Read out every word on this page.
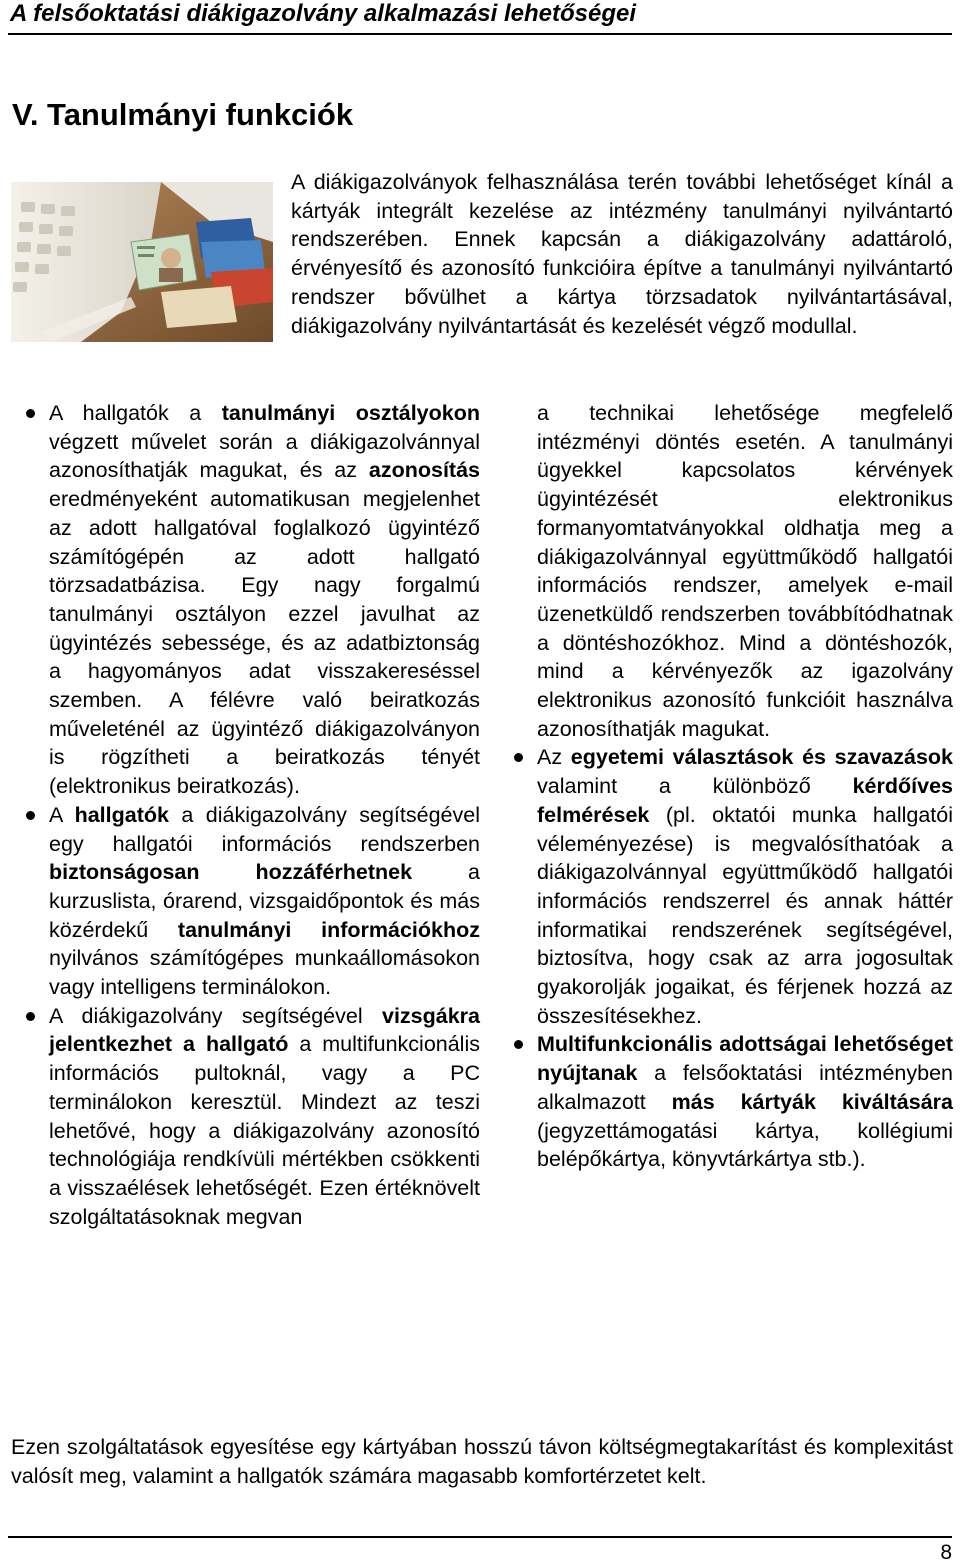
A felsőoktatási diákigazolvány alkalmazási lehetőségei
V. Tanulmányi funkciók

A diákigazolványok felhasználása terén további lehetőséget kínál a kártyák integrált kezelése az intézmény tanulmányi nyilvántartó rendszerében. Ennek kapcsán a diákigazolvány adattároló, érvényesítő és azonosító funkcióira építve a tanulmányi nyilvántartó rendszer bővülhet a kártya törzsadatok nyilvántartásával, diákigazolvány nyilvántartását és kezelését végző modullal.

A hallgatók a tanulmányi osztályokon végzett művelet során a diákigazolvánnyal azonosíthatják magukat, és az azonosítás eredményeként automatikusan megjelenhet az adott hallgatóval foglalkozó ügyintéző számítógépén az adott hallgató törzsadatbázisa. Egy nagy forgalmú tanulmányi osztályon ezzel javulhat az ügyintézés sebessége, és az adatbiztonság a hagyományos adat visszakereséssel szemben. A félévre való beiratkozás műveleténél az ügyintéző diákigazolványon is rögzítheti a beiratkozás tényét (elektronikus beiratkozás).
A hallgatók a diákigazolvány segítségével egy hallgatói információs rendszerben biztonságosan hozzáférhetnek a kurzuslista, órarend, vizsgaidőpontok és más közérdekű tanulmányi információkhoz nyilvános számítógépes munkaállomásokon vagy intelligens terminálokon.
A diákigazolvány segítségével vizsgákra jelentkezhet a hallgató a multifunkcionális információs pultoknál, vagy a PC terminálokon keresztül. Mindezt az teszi lehetővé, hogy a diákigazolvány azonosító technológiája rendkívüli mértékben csökkenti a visszaélések lehetőségét. Ezen értéknövelt szolgáltatásoknak megvan
a technikai lehetősége megfelelő intézményi döntés esetén. A tanulmányi ügyekkel kapcsolatos kérvények ügyintézését elektronikus formanyomtatványokkal oldhatja meg a diákigazolvánnyal együttműködő hallgatói információs rendszer, amelyek e-mail üzenetküldő rendszerben továbbítódhatnak a döntéshozókhoz. Mind a döntéshozók, mind a kérvényezők az igazolvány elektronikus azonosító funkcióit használva azonosíthatják magukat.
Az egyetemi választások és szavazások valamint a különböző kérdőíves felmérések (pl. oktatói munka hallgatói véleményezése) is megvalósíthatóak a diákigazolvánnyal együttműködő hallgatói információs rendszerrel és annak háttér informatikai rendszerének segítségével, biztosítva, hogy csak az arra jogosultak gyakorolják jogaikat, és férjenek hozzá az összesítésekhez.
Multifunkcionális adottságai lehetőséget nyújtanak a felsőoktatási intézményben alkalmazott más kártyák kiváltására (jegyzettámogatási kártya, kollégiumi belépőkártya, könyvtárkártya stb.).

Ezen szolgáltatások egyesítése egy kártyában hosszú távon költségmegtakarítást és komplexitást valósít meg, valamint a hallgatók számára magasabb komfortérzetet kelt.

8
